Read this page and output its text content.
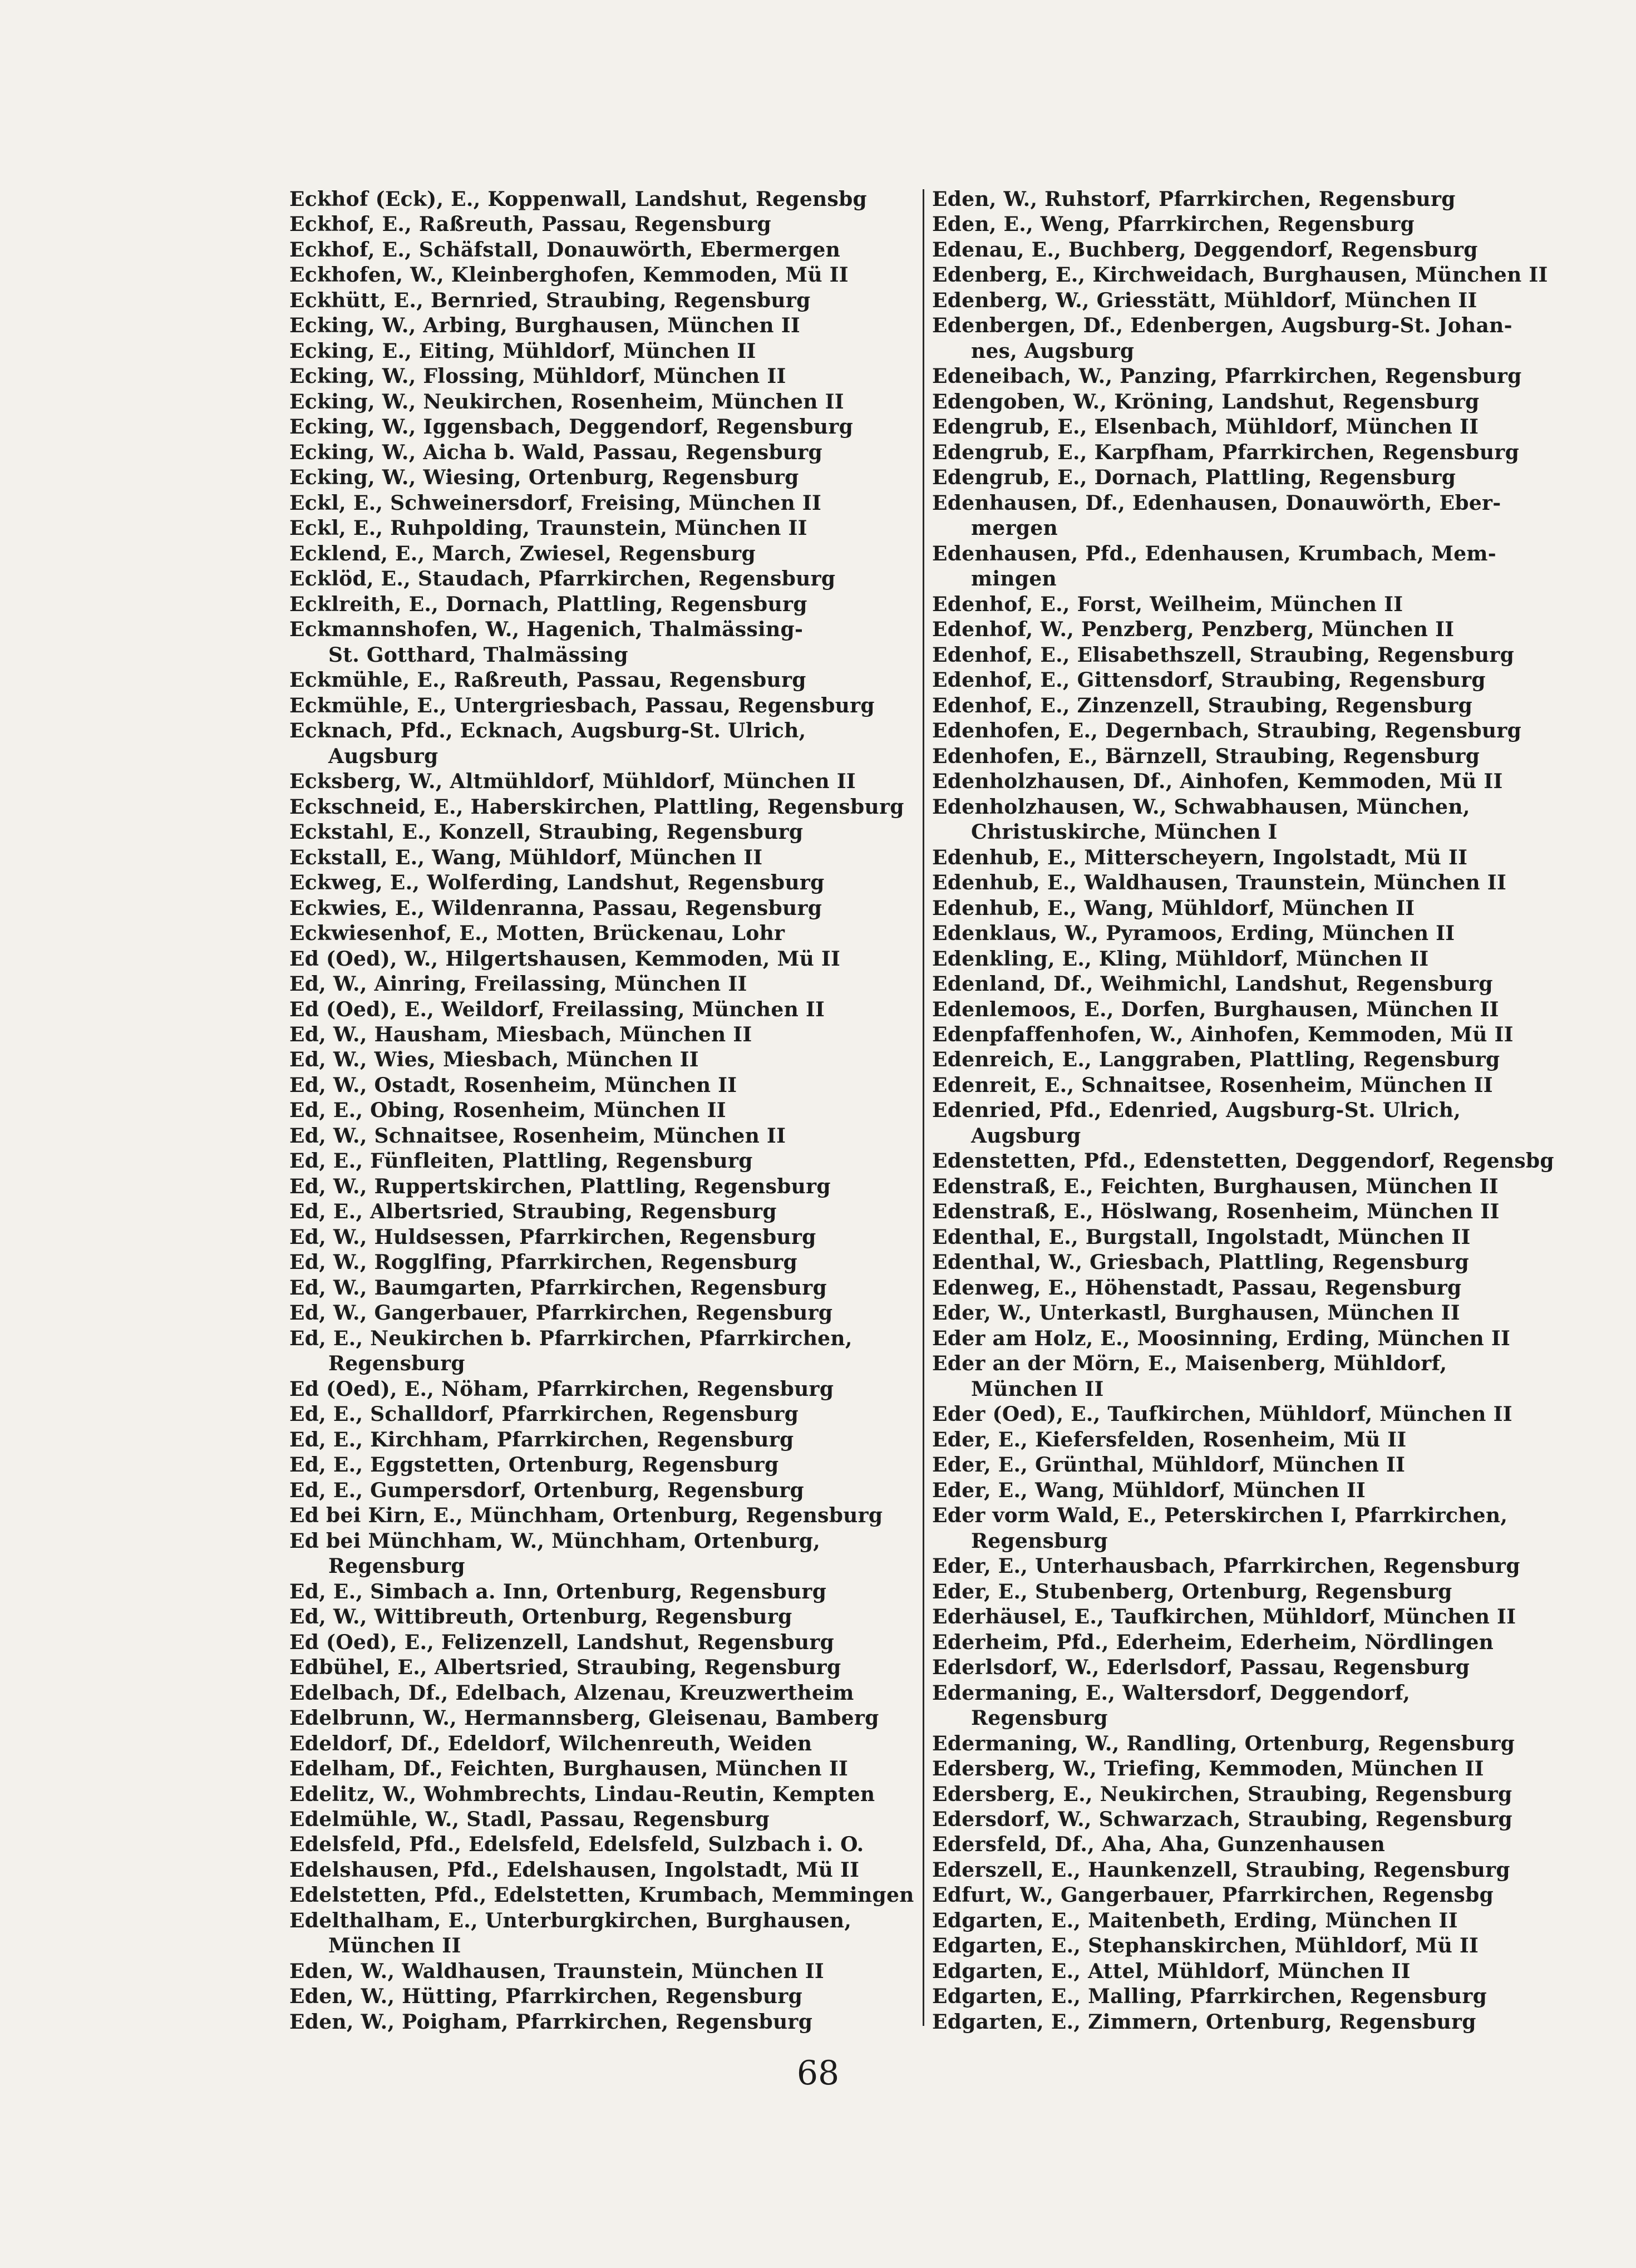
Eckhof (Eck), E., Koppenwall, Landshut, Regensbg
Eckhof, E., Raßreuth, Passau, Regensburg
Eckhof, E., Schäfstall, Donauwörth, Ebermergen
Eckhofen, W., Kleinberghofen, Kemmoden, Mü II
Eckhütt, E., Bernried, Straubing, Regensburg
Ecking, W., Arbing, Burghausen, München II
Ecking, E., Eiting, Mühldorf, München II
Ecking, W., Flossing, Mühldorf, München II
Ecking, W., Neukirchen, Rosenheim, München II
Ecking, W., Iggensbach, Deggendorf, Regensburg
Ecking, W., Aicha b. Wald, Passau, Regensburg
Ecking, W., Wiesing, Ortenburg, Regensburg
Eckl, E., Schweinersdorf, Freising, München II
Eckl, E., Ruhpolding, Traunstein, München II
Ecklend, E., March, Zwiesel, Regensburg
Ecklöd, E., Staudach, Pfarrkirchen, Regensburg
Ecklreith, E., Dornach, Plattling, Regensburg
Eckmannshofen, W., Hagenich, Thalmässing-
St. Gotthard, Thalmässing
Eckmühle, E., Raßreuth, Passau, Regensburg
Eckmühle, E., Untergriesbach, Passau, Regensburg
Ecknach, Pfd., Ecknach, Augsburg-St. Ulrich,
Augsburg
Ecksberg, W., Altmühldorf, Mühldorf, München II
Eckschneid, E., Haberskirchen, Plattling, Regensburg
Eckstahl, E., Konzell, Straubing, Regensburg
Eckstall, E., Wang, Mühldorf, München II
Eckweg, E., Wolferding, Landshut, Regensburg
Eckwies, E., Wildenranna, Passau, Regensburg
Eckwiesenhof, E., Motten, Brückenau, Lohr
Ed (Oed), W., Hilgertshausen, Kemmoden, Mü II
Ed, W., Ainring, Freilassing, München II
Ed (Oed), E., Weildorf, Freilassing, München II
Ed, W., Hausham, Miesbach, München II
Ed, W., Wies, Miesbach, München II
Ed, W., Ostadt, Rosenheim, München II
Ed, E., Obing, Rosenheim, München II
Ed, W., Schnaitsee, Rosenheim, München II
Ed, E., Fünfleiten, Plattling, Regensburg
Ed, W., Ruppertskirchen, Plattling, Regensburg
Ed, E., Albertsried, Straubing, Regensburg
Ed, W., Huldsessen, Pfarrkirchen, Regensburg
Ed, W., Rogglfing, Pfarrkirchen, Regensburg
Ed, W., Baumgarten, Pfarrkirchen, Regensburg
Ed, W., Gangerbauer, Pfarrkirchen, Regensburg
Ed, E., Neukirchen b. Pfarrkirchen, Pfarrkirchen,
Regensburg
Ed (Oed), E., Nöham, Pfarrkirchen, Regensburg
Ed, E., Schalldorf, Pfarrkirchen, Regensburg
Ed, E., Kirchham, Pfarrkirchen, Regensburg
Ed, E., Eggstetten, Ortenburg, Regensburg
Ed, E., Gumpersdorf, Ortenburg, Regensburg
Ed bei Kirn, E., Münchham, Ortenburg, Regensburg
Ed bei Münchham, W., Münchham, Ortenburg,
Regensburg
Ed, E., Simbach a. Inn, Ortenburg, Regensburg
Ed, W., Wittibreuth, Ortenburg, Regensburg
Ed (Oed), E., Felizenzell, Landshut, Regensburg
Edbühel, E., Albertsried, Straubing, Regensburg
Edelbach, Df., Edelbach, Alzenau, Kreuzwertheim
Edelbrunn, W., Hermannsberg, Gleisenau, Bamberg
Edeldorf, Df., Edeldorf, Wilchenreuth, Weiden
Edelham, Df., Feichten, Burghausen, München II
Edelitz, W., Wohmbrechts, Lindau-Reutin, Kempten
Edelmühle, W., Stadl, Passau, Regensburg
Edelsfeld, Pfd., Edelsfeld, Edelsfeld, Sulzbach i. O.
Edelshausen, Pfd., Edelshausen, Ingolstadt, Mü II
Edelstetten, Pfd., Edelstetten, Krumbach, Memmingen
Edelthalham, E., Unterburgkirchen, Burghausen,
München II
Eden, W., Waldhausen, Traunstein, München II
Eden, W., Hütting, Pfarrkirchen, Regensburg
Eden, W., Poigham, Pfarrkirchen, Regensburg
Eden, W., Ruhstorf, Pfarrkirchen, Regensburg
Eden, E., Weng, Pfarrkirchen, Regensburg
Edenau, E., Buchberg, Deggendorf, Regensburg
Edenberg, E., Kirchweidach, Burghausen, München II
Edenberg, W., Griesstätt, Mühldorf, München II
Edenbergen, Df., Edenbergen, Augsburg-St. Johan-
nes, Augsburg
Edeneibach, W., Panzing, Pfarrkirchen, Regensburg
Edengoben, W., Kröning, Landshut, Regensburg
Edengrub, E., Elsenbach, Mühldorf, München II
Edengrub, E., Karpfham, Pfarrkirchen, Regensburg
Edengrub, E., Dornach, Plattling, Regensburg
Edenhausen, Df., Edenhausen, Donauwörth, Eber-
mergen
Edenhausen, Pfd., Edenhausen, Krumbach, Mem-
mingen
Edenhof, E., Forst, Weilheim, München II
Edenhof, W., Penzberg, Penzberg, München II
Edenhof, E., Elisabethszell, Straubing, Regensburg
Edenhof, E., Gittensdorf, Straubing, Regensburg
Edenhof, E., Zinzenzell, Straubing, Regensburg
Edenhofen, E., Degernbach, Straubing, Regensburg
Edenhofen, E., Bärnzell, Straubing, Regensburg
Edenholzhausen, Df., Ainhofen, Kemmoden, Mü II
Edenholzhausen, W., Schwabhausen, München,
Christuskirche, München I
Edenhub, E., Mitterscheyern, Ingolstadt, Mü II
Edenhub, E., Waldhausen, Traunstein, München II
Edenhub, E., Wang, Mühldorf, München II
Edenklaus, W., Pyramoos, Erding, München II
Edenkling, E., Kling, Mühldorf, München II
Edenland, Df., Weihmichl, Landshut, Regensburg
Edenlemoos, E., Dorfen, Burghausen, München II
Edenpfaffenhofen, W., Ainhofen, Kemmoden, Mü II
Edenreich, E., Langgraben, Plattling, Regensburg
Edenreit, E., Schnaitsee, Rosenheim, München II
Edenried, Pfd., Edenried, Augsburg-St. Ulrich,
Augsburg
Edenstetten, Pfd., Edenstetten, Deggendorf, Regensbg
Edenstraß, E., Feichten, Burghausen, München II
Edenstraß, E., Höslwang, Rosenheim, München II
Edenthal, E., Burgstall, Ingolstadt, München II
Edenthal, W., Griesbach, Plattling, Regensburg
Edenweg, E., Höhenstadt, Passau, Regensburg
Eder, W., Unterkastl, Burghausen, München II
Eder am Holz, E., Moosinning, Erding, München II
Eder an der Mörn, E., Maisenberg, Mühldorf,
München II
Eder (Oed), E., Taufkirchen, Mühldorf, München II
Eder, E., Kiefersfelden, Rosenheim, Mü II
Eder, E., Grünthal, Mühldorf, München II
Eder, E., Wang, Mühldorf, München II
Eder vorm Wald, E., Peterskirchen I, Pfarrkirchen,
Regensburg
Eder, E., Unterhausbach, Pfarrkirchen, Regensburg
Eder, E., Stubenberg, Ortenburg, Regensburg
Ederhäusel, E., Taufkirchen, Mühldorf, München II
Ederheim, Pfd., Ederheim, Ederheim, Nördlingen
Ederlsdorf, W., Ederlsdorf, Passau, Regensburg
Edermaning, E., Waltersdorf, Deggendorf,
Regensburg
Edermaning, W., Randling, Ortenburg, Regensburg
Edersberg, W., Triefing, Kemmoden, München II
Edersberg, E., Neukirchen, Straubing, Regensburg
Edersdorf, W., Schwarzach, Straubing, Regensburg
Edersfeld, Df., Aha, Aha, Gunzenhausen
Ederszell, E., Haunkenzell, Straubing, Regensburg
Edfurt, W., Gangerbauer, Pfarrkirchen, Regensbg
Edgarten, E., Maitenbeth, Erding, München II
Edgarten, E., Stephanskirchen, Mühldorf, Mü II
Edgarten, E., Attel, Mühldorf, München II
Edgarten, E., Malling, Pfarrkirchen, Regensburg
Edgarten, E., Zimmern, Ortenburg, Regensburg
68
